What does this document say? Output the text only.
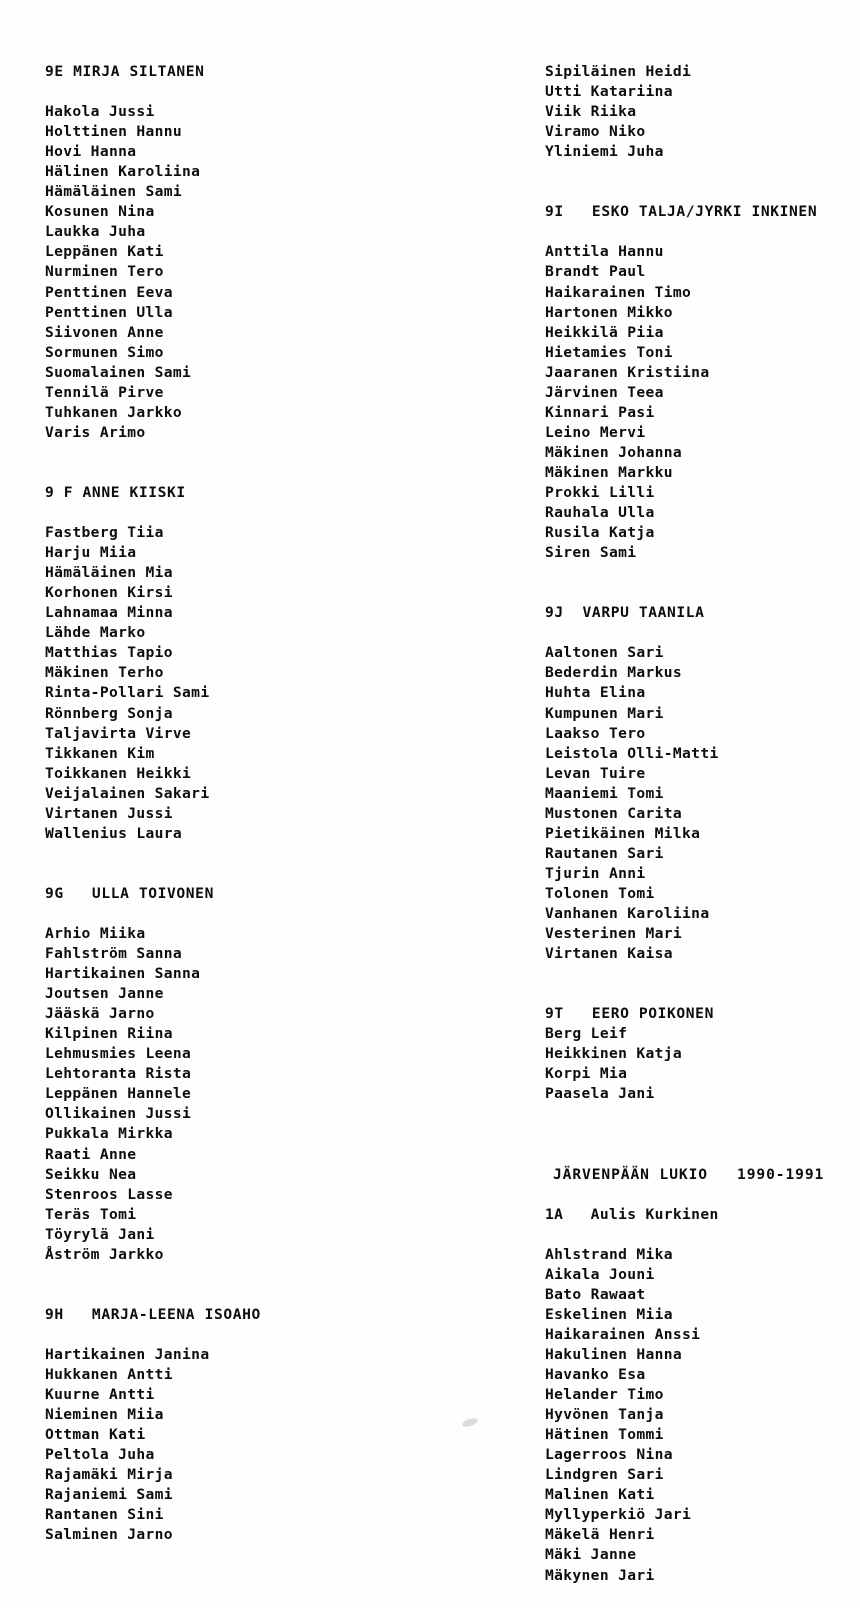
9E MIRJA SILTANEN
Hakola Jussi
Holttinen Hannu
Hovi Hanna
Hälinen Karoliina
Hämäläinen Sami
Kosunen Nina
Laukka Juha
Leppänen Kati
Nurminen Tero
Penttinen Eeva
Penttinen Ulla
Siivonen Anne
Sormunen Simo
Suomalainen Sami
Tennilä Pirve
Tuhkanen Jarkko
Varis Arimo
9 F ANNE KIISKI
Fastberg Tiia
Harju Miia
Hämäläinen Mia
Korhonen Kirsi
Lahnamaa Minna
Lähde Marko
Matthias Tapio
Mäkinen Terho
Rinta-Pollari Sami
Rönnberg Sonja
Taljavirta Virve
Tikkanen Kim
Toikkanen Heikki
Veijalainen Sakari
Virtanen Jussi
Wallenius Laura
9G   ULLA TOIVONEN
Arhio Miika
Fahlström Sanna
Hartikainen Sanna
Joutsen Janne
Jääskä Jarno
Kilpinen Riina
Lehmusmies Leena
Lehtoranta Rista
Leppänen Hannele
Ollikainen Jussi
Pukkala Mirkka
Raati Anne
Seikku Nea
Stenroos Lasse
Teräs Tomi
Töyrylä Jani
Åström Jarkko
9H   MARJA-LEENA ISOAHO
Hartikainen Janina
Hukkanen Antti
Kuurne Antti
Nieminen Miia
Ottman Kati
Peltola Juha
Rajamäki Mirja
Rajaniemi Sami
Rantanen Sini
Salminen Jarno
Sipiläinen Heidi
Utti Katariina
Viik Riika
Viramo Niko
Yliniemi Juha
9I   ESKO TALJA/JYRKI INKINEN
Anttila Hannu
Brandt Paul
Haikarainen Timo
Hartonen Mikko
Heikkilä Piia
Hietamies Toni
Jaaranen Kristiina
Järvinen Teea
Kinnari Pasi
Leino Mervi
Mäkinen Johanna
Mäkinen Markku
Prokki Lilli
Rauhala Ulla
Rusila Katja
Siren Sami
9J  VARPU TAANILA
Aaltonen Sari
Bederdin Markus
Huhta Elina
Kumpunen Mari
Laakso Tero
Leistola Olli-Matti
Levan Tuire
Maaniemi Tomi
Mustonen Carita
Pietikäinen Milka
Rautanen Sari
Tjurin Anni
Tolonen Tomi
Vanhanen Karoliina
Vesterinen Mari
Virtanen Kaisa
9T   EERO POIKONEN
Berg Leif
Heikkinen Katja
Korpi Mia
Paasela Jani
JÄRVENPÄÄN LUKIO   1990-1991
1A   Aulis Kurkinen
Ahlstrand Mika
Aikala Jouni
Bato Rawaat
Eskelinen Miia
Haikarainen Anssi
Hakulinen Hanna
Havanko Esa
Helander Timo
Hyvönen Tanja
Hätinen Tommi
Lagerroos Nina
Lindgren Sari
Malinen Kati
Myllyperkiö Jari
Mäkelä Henri
Mäki Janne
Mäkynen Jari
